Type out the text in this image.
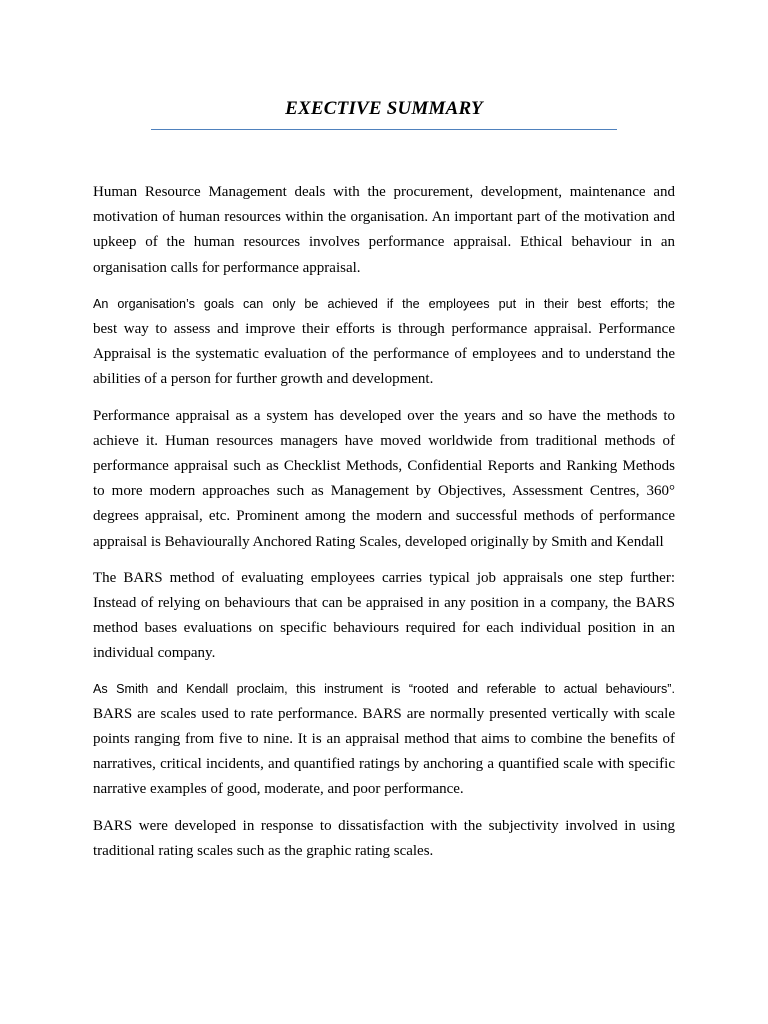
EXECTIVE SUMMARY

Human Resource Management deals with the procurement, development, maintenance and motivation of human resources within the organisation. An important part of the motivation and upkeep of the human resources involves performance appraisal. Ethical behaviour in an organisation calls for performance appraisal.

An organisation’s goals can only be achieved if the employees put in their best efforts; the
best way to assess and improve their efforts is through performance appraisal. Performance Appraisal is the systematic evaluation of the performance of employees and to understand the abilities of a person for further growth and development.

Performance appraisal as a system has developed over the years and so have the methods to achieve it. Human resources managers have moved worldwide from traditional methods of performance appraisal such as Checklist Methods, Confidential Reports and Ranking Methods to more modern approaches such as Management by Objectives, Assessment Centres, 360° degrees appraisal, etc. Prominent among the modern and successful methods of performance appraisal is Behaviourally Anchored Rating Scales, developed originally by Smith and Kendall

The BARS method of evaluating employees carries typical job appraisals one step further: Instead of relying on behaviours that can be appraised in any position in a company, the BARS method bases evaluations on specific behaviours required for each individual position in an individual company.

As Smith and Kendall proclaim, this instrument is “rooted and referable to actual behaviours”.
BARS are scales used to rate performance. BARS are normally presented vertically with scale points ranging from five to nine. It is an appraisal method that aims to combine the benefits of narratives, critical incidents, and quantified ratings by anchoring a quantified scale with specific narrative examples of good, moderate, and poor performance.

BARS were developed in response to dissatisfaction with the subjectivity involved in using traditional rating scales such as the graphic rating scales.
